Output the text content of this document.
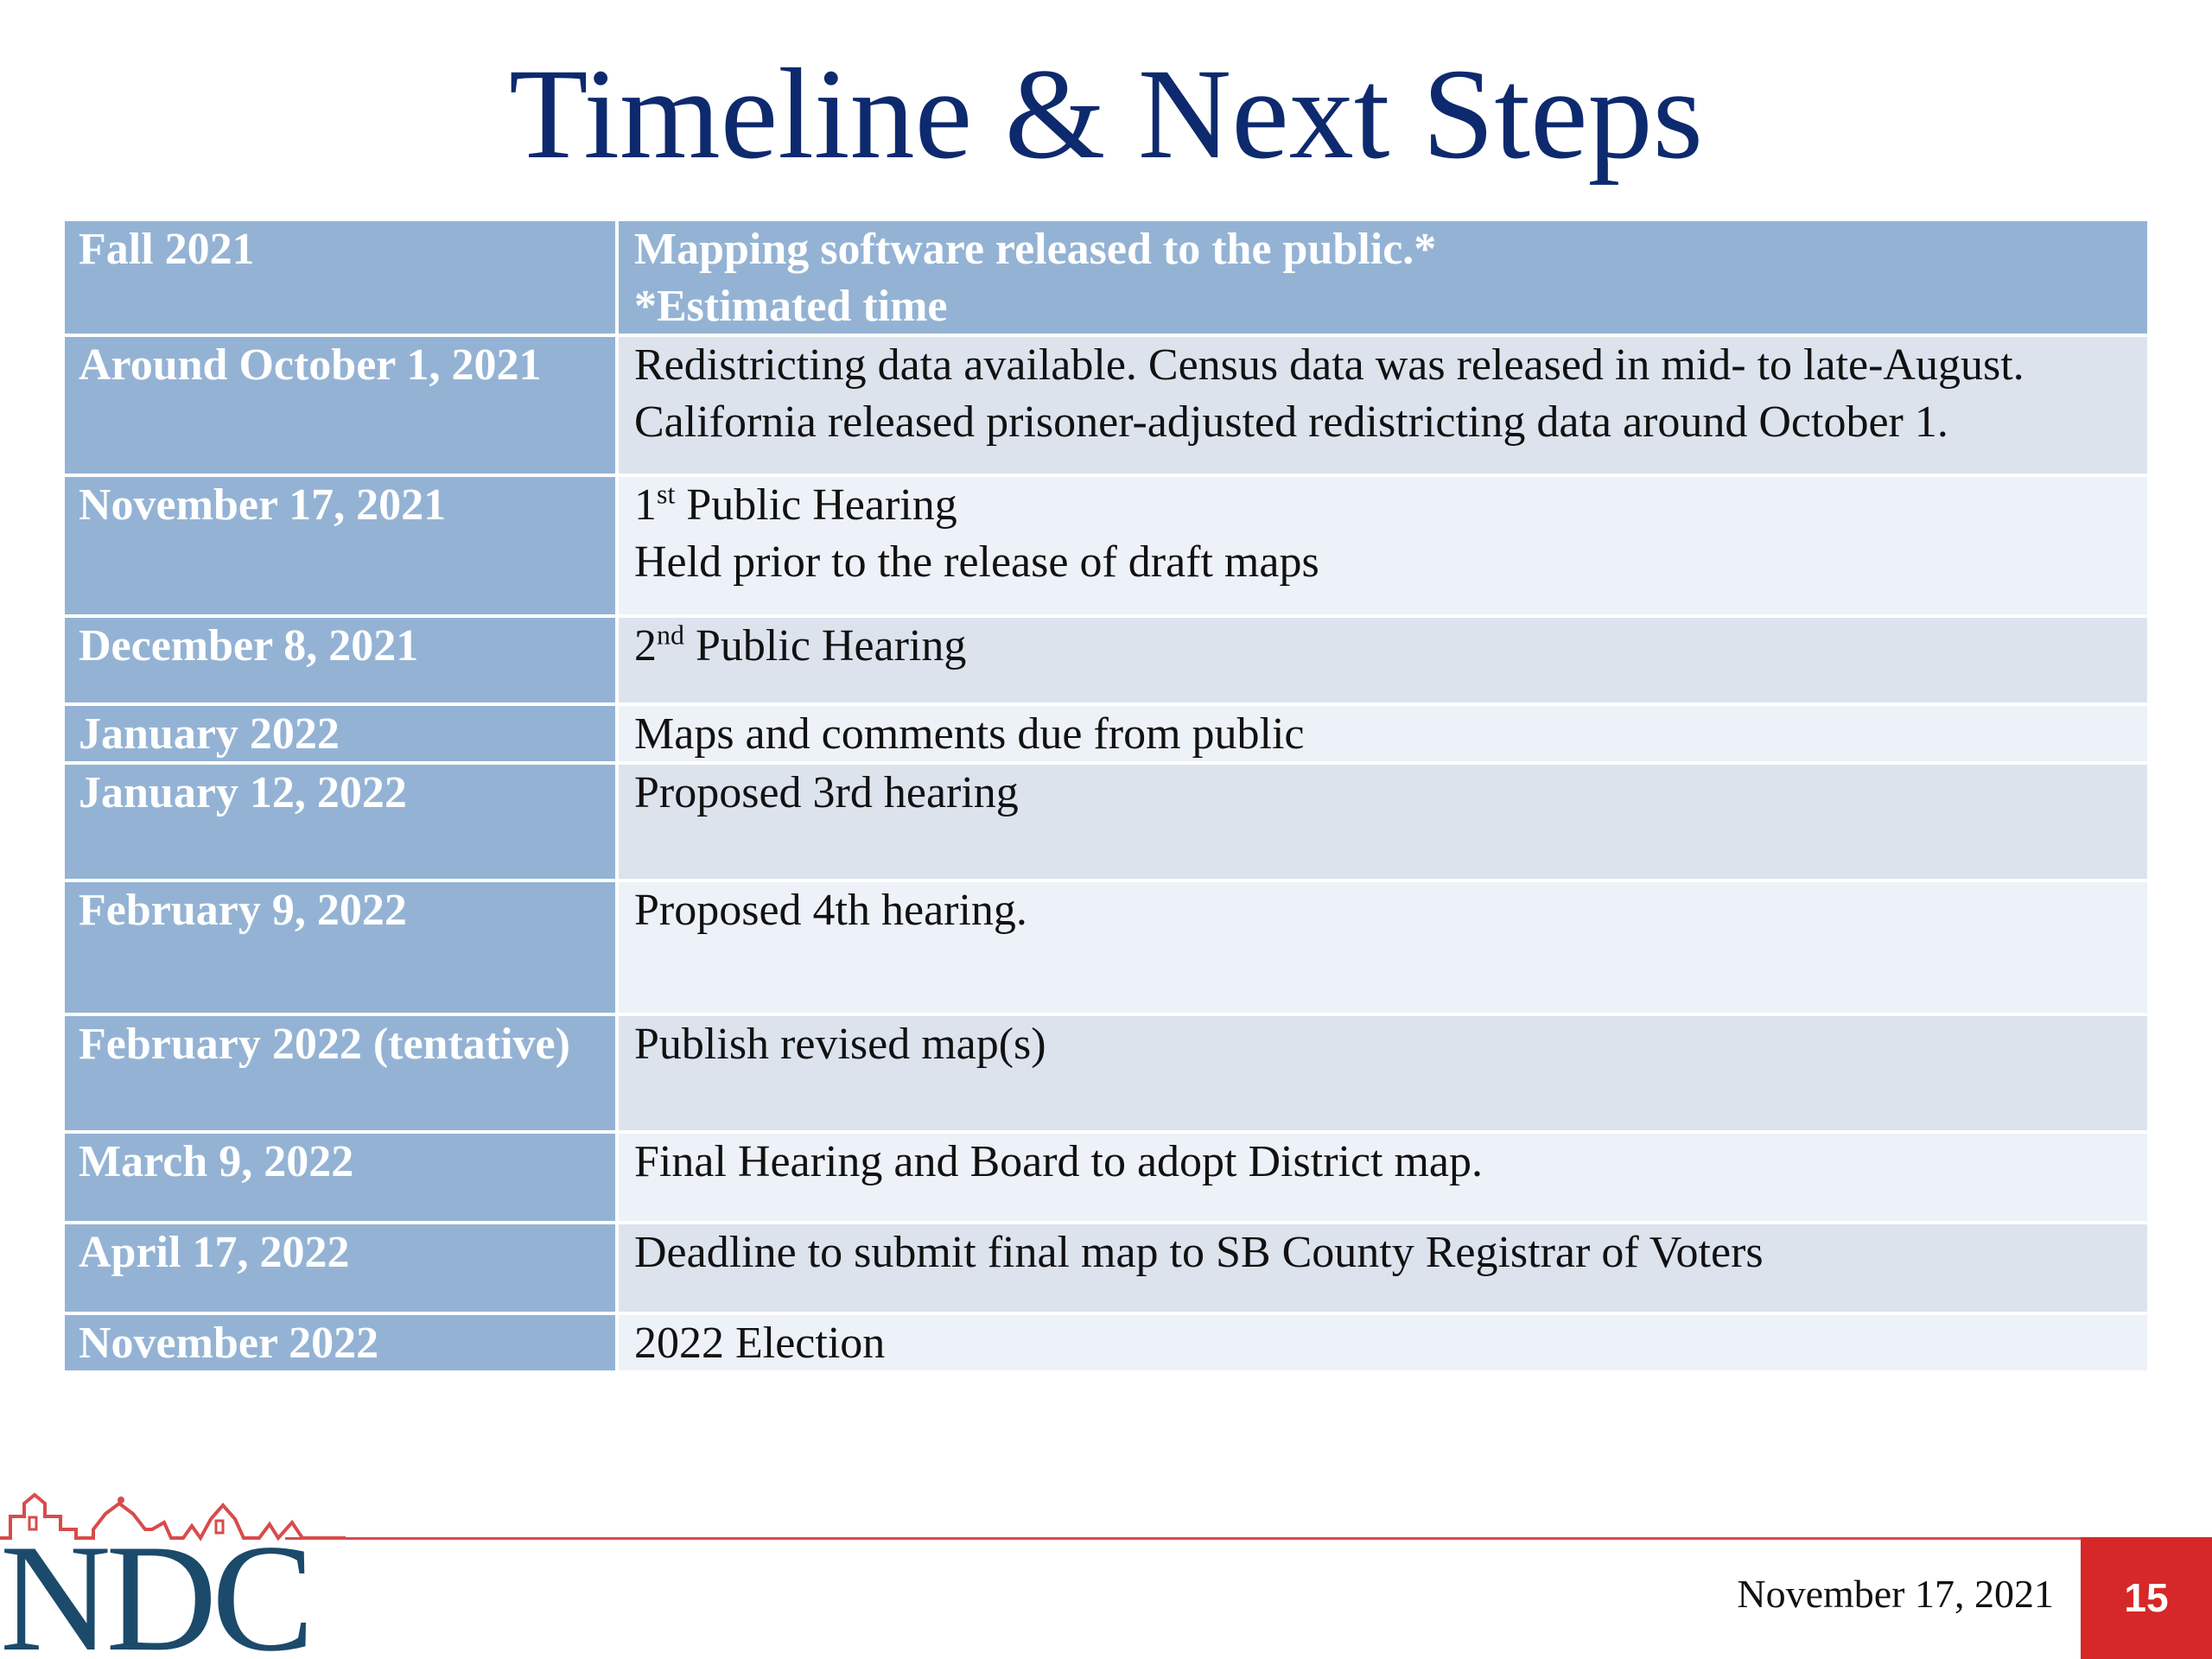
Timeline & Next Steps
Fall 2021	Mapping software released to the public.*
*Estimated time
Around October 1, 2021	Redistricting data available. Census data was released in mid- to late-August.
California released prisoner-adjusted redistricting data around October 1.
November 17, 2021	1st Public Hearing
Held prior to the release of draft maps
December 8, 2021	2nd Public Hearing
January 2022	Maps and comments due from public
January 12, 2022	Proposed 3rd hearing
February 9, 2022	Proposed 4th hearing.
February 2022 (tentative)	Publish revised map(s)
March 9, 2022	Final Hearing and Board to adopt District map.
April 17, 2022	Deadline to submit final map to SB County Registrar of Voters
November 2022	2022 Election
NDC	November 17, 2021	15
